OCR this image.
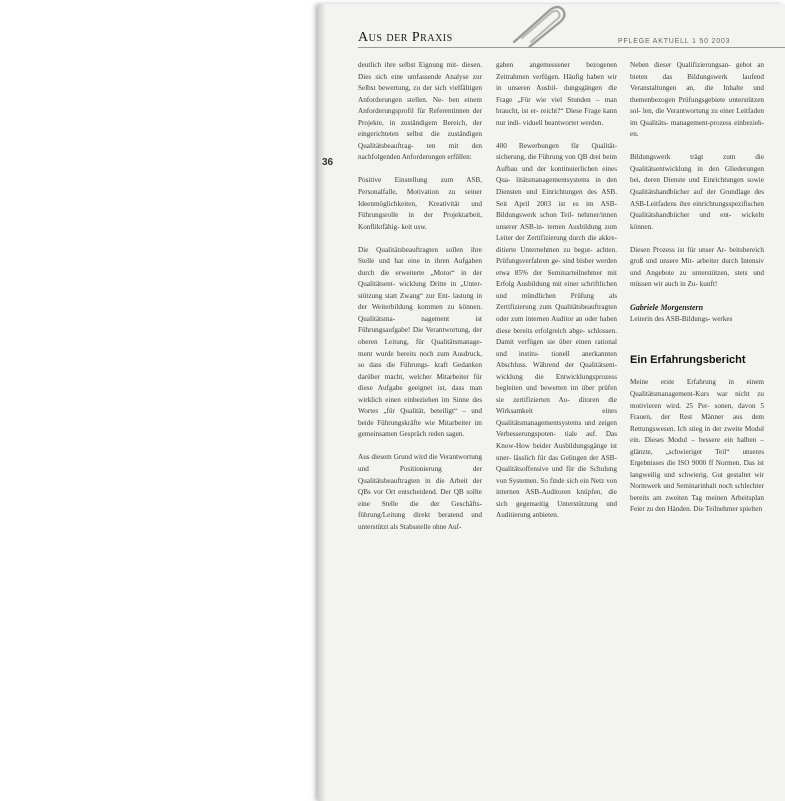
Aus der Praxis	PFLEGE AKTUELL 1 50 2003
36

deutlich ihre selbst Eignung mit- diesen. Dies sich eine umfassende Analyse zur Selbst bewertung, zu der sich vielfältigen Anforderungen stellen. Ne- ben einem Anforderungsprofil für Referentinnen der Projekte, in zuständigem Bereich, der eingerichteten selbst die zuständigen Qualitätsbeauftrag- ten mit den nachfolgenden Anforderungen erfüllen:

Positive Einstellung zum ASB, Personalfalle, Motivation zu seiner Ideenmöglichkeiten, Kreativität und Führungsrolle in der Projektarbeit, Konfliktfähig- keit usw.

Die Qualitätsbeauftragten sollen ihre Stelle und hat eine in ihren Aufgaben durch die erweiterte „Motor“ in der Qualitätsent- wicklung Dritte in „Unter- stützung statt Zwang“ zur Ent- lastung in der Weiterbildung kommen zu können. Qualitätsma- nagement ist Führungsaufgabe! Die Verantwortung, der oberen Leitung, für Qualitätsmanage- ment wurde bereits noch zum Ausdruck, so dass die Führungs- kraft Gedanken darüber macht, welcher Mitarbeiter für diese Aufgabe geeignet ist, dass man wirklich einen einbeziehen im Sinne des Wortes „für Qualität, beteiligt“ – und beide Führungskräfte wie Mitarbeiter im gemeinsamen Gespräch reden sagen.

Aus diesem Grund wird die Verantwortung und Positionierung der Qualitätsbeauftragten in die Arbeit der QBs vor Ort entscheidend. Der QB sollte eine Stelle die der Geschäfts- führung/Leitung direkt beratend und unterstützt als Stabsstelle ohne Auf-

gaben angemessener bezogenen Zeitrahmen verfügen. Häufig haben wir in unseren Ausbil- dungsgängen die Frage „Für wie viel Stunden – man braucht, ist er- reicht?“ Diese Frage kann nur indi- viduell beantwortet werden.

400 Bewerbungen für Qualität- sicherung, die Führung von QB drei beim Aufbau und der kontinuierlichen eines Qua- litätsmanagementsystems in den Diensten und Einrichtungen des ASB. Seit April 2003 ist es im ASB-Bildungswerk schon Teil- nehmer/innen unserer ASB-in- ternen Ausbildung zum Leiter der Zertifizierung durch die akkre- ditierte Unternehmen zu begut- achten. Prüfungsverfahren ge- sind bisher werden etwa 85% der Seminarteilnehmer mit Erfolg Ausbildung mit einer schriftlichen und mündlichen Prüfung als Zertifizierung zum Qualitätsbeauftragten oder zum internen Auditor an oder haben diese bereits erfolgreich abge- schlossen. Damit verfügen sie über einen rational und institu- tionell anerkannten Abschluss. Während der Qualitätsent- wicklung die Entwicklungsprozess begleiten und bewerten im über prüfen sie zertifizierten Au- ditoren die Wirksamkeit eines Qualitätsmanagementsystems und zeigen Verbesserungspoten- tiale auf. Das Know-How beider Ausbildungsgänge ist uner- lässlich für das Gelingen der ASB-Qualitätsoffensive und für die Schulung von Systemen. So finde sich ein Netz von internen ASB-Auditoren knüpfen, die sich gegenseitig Unterstützung und Auditierung anbieten.

Neben dieser Qualifizierungsan- gebot an bieten das Bildungswerk laufend Veranstaltungen an, die Inhalte und themenbezogen Prüfungsgebiete unterstützen sol- len, die Verantwortung zu einer Leitfaden im Qualitäts- management-prozess einbezieh- en.

Bildungswerk trägt zum die Qualitätsentwicklung in den Gliederungen bei, deren Dienste und Einrichtungen sowie Qualitätshandbücher auf der Grundlage des ASB-Leitfadens ihre einrichtungsspezifischen Qualitätshandbücher und ent- wickeln können.

Diesen Prozess ist für unser Ar- beitsbereich groß und unsere Mit- arbeiter durch Intensiv und Angebote zu unterstützen, stets und müssen wir auch in Zu- kunft!

Gabriele Morgenstern

Leiterin des ASB-Bildungs- werkes

Ein Erfahrungsbericht

Meine erste Erfahrung in einem Qualitätsmanagement-Kurs war nicht zu motivieren wird. 25 Per- sonen, davon 5 Frauen, der Rest Männer aus dem Rettungswesen. Ich stieg in der zweite Modul ein. Dieses Modul – bessere ein halben – glänzte, „schwieriger Teil“ unseres Ergebnisses die ISO 9000 ff Normen. Das ist langweilig und schwierig. Gut gestaltet wir Normwerk und Seminarinhalt noch schlechter bereits am zweiten Tag meinen Arbeitsplan Feier zu den Händen. Die Teilnehmer spielten
